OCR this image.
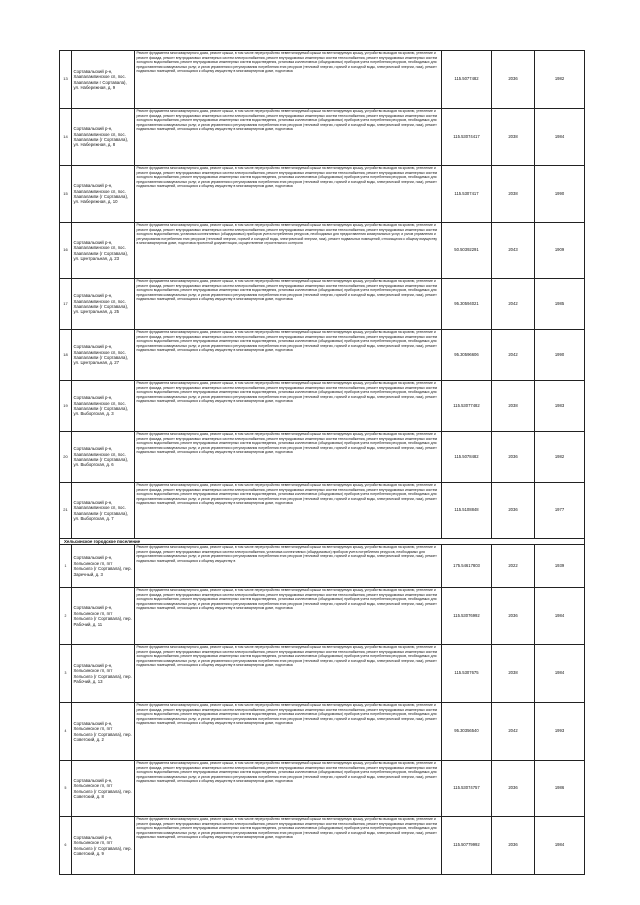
13	Сортавальский р-н, Хаапалампинское сп, пос. Хаапалампи г Сортавала), ул. Набережная, д. 9	Ремонт фундамента многоквартирного дома, ремонт крыши, в том числе переустройство невентилируемой крыши на вентилируемую крышу, устройство выходов на кровлю, утепление и ремонт фасада, ремонт внутридомовых инженерных систем электроснабжения, ремонт внутридомовых инженерных систем теплоснабжения, ремонт внутридомовых инженерных систем холодного водоснабжения, ремонт внутридомовых инженерных систем водоотведения, установка коллективных (общедомовых) приборов учета потребления ресурсов, необходимых для предоставления коммунальных услуг, и узлов управления и регулирования потребления этих ресурсов (тепловой энергии, горячей и холодной воды, электрической энергии, газа), ремонт подвальных помещений, относящихся к общему имуществу в многоквартирном доме, подготовка	115.5077482	2036	1982
14	Сортавальский р-н, Хаапалампинское сп, пос. Хаапалампи (г Сортавала), ул. Набережная, д. 8	Ремонт фундамента многоквартирного дома, ремонт крыши, в том числе переустройство невентилируемой крыши на вентилируемую крышу, устройство выходов на кровлю, утепление и ремонт фасада, ремонт внутридомовых инженерных систем электроснабжения, ремонт внутридомовых инженерных систем теплоснабжения, ремонт внутридомовых инженерных систем холодного водоснабжения, ремонт внутридомовых инженерных систем водоотведения, установка коллективных (общедомовых) приборов учета потребления ресурсов, необходимых для предоставления коммунальных услуг, и узлов управления и регулирования потребления этих ресурсов (тепловой энергии, горячей и холодной воды, электрической энергии, газа), ремонт подвальных помещений, относящихся к общему имуществу в многоквартирном доме, подготовка	115.53074417	2038	1984
15	Сортавальский р-н, Хаапалампинское сп, пос. Хаапалампи (г Сортавала), ул. Набережная, д. 10	Ремонт фундамента многоквартирного дома, ремонт крыши, в том числе переустройство невентилируемой крыши на вентилируемую крышу, устройство выходов на кровлю, утепление и ремонт фасада, ремонт внутридомовых инженерных систем электроснабжения, ремонт внутридомовых инженерных систем теплоснабжения, ремонт внутридомовых инженерных систем холодного водоснабжения, ремонт внутридомовых инженерных систем водоотведения, установка коллективных (общедомовых) приборов учета потребления ресурсов, необходимых для предоставления коммунальных услуг, и узлов управления и регулирования потребления этих ресурсов (тепловой энергии, горячей и холодной воды, электрической энергии, газа), ремонт подвальных помещений, относящихся к общему имуществу в многоквартирном доме, подготовка	115.5307417	2038	1990
16	Сортавальский р-н, Хаапалампинское сп, пос. Хаапалампи (г Сортавала), ул. Центральная, д. 23	Ремонт фундамента многоквартирного дома, ремонт крыши, в том числе переустройство невентилируемой крыши на вентилируемую крышу, устройство выходов на кровлю, утепление и ремонт фасада, ремонт внутридомовых инженерных систем электроснабжения, ремонт внутридомовых инженерных систем теплоснабжения, ремонт внутридомовых инженерных систем холодного водоснабжения, установка коллективных (общедомовых) приборов учета потребления ресурсов, необходимых для предоставления коммунальных услуг, и узлов управления и регулирования потребления этих ресурсов (тепловой энергии, горячей и холодной воды, электрической энергии, газа), ремонт подвальных помещений, относящихся к общему имуществу в многоквартирном доме, подготовка проектной документации, осуществление строительного контроля	50.50392291	2043	1909
17	Сортавальский р-н, Хаапалампинское сп, пос. Хаапалампи (г Сортавала), ул. Центральная, д. 25	Ремонт фундамента многоквартирного дома, ремонт крыши, в том числе переустройство невентилируемой крыши на вентилируемую крышу, устройство выходов на кровлю, утепление и ремонт фасада, ремонт внутридомовых инженерных систем электроснабжения, ремонт внутридомовых инженерных систем теплоснабжения, ремонт внутридомовых инженерных систем холодного водоснабжения, ремонт внутридомовых инженерных систем водоотведения, установка коллективных (общедомовых) приборов учета потребления ресурсов, необходимых для предоставления коммунальных услуг, и узлов управления и регулирования потребления этих ресурсов (тепловой энергии, горячей и холодной воды, электрической энергии, газа), ремонт подвальных помещений, относящихся к общему имуществу в многоквартирном доме, подготовка	95.30594021	2042	1985
18	Сортавальский р-н, Хаапалампинское сп, пос. Хаапалампи (г Сортавала), ул. Центральная, д. 27	Ремонт фундамента многоквартирного дома, ремонт крыши, в том числе переустройство невентилируемой крыши на вентилируемую крышу, устройство выходов на кровлю, утепление и ремонт фасада, ремонт внутридомовых инженерных систем электроснабжения, ремонт внутридомовых инженерных систем теплоснабжения, ремонт внутридомовых инженерных систем холодного водоснабжения, ремонт внутридомовых инженерных систем водоотведения, установка коллективных (общедомовых) приборов учета потребления ресурсов, необходимых для предоставления коммунальных услуг, и узлов управления и регулирования потребления этих ресурсов (тепловой энергии, горячей и холодной воды, электрической энергии, газа), ремонт подвальных помещений, относящихся к общему имуществу в многоквартирном доме, подготовка	95.30596606	2042	1990
19	Сортавальский р-н, Хаапалампинское сп, пос. Хаапалампи (г Сортавала), ул. Выборгская, д. 3	Ремонт фундамента многоквартирного дома, ремонт крыши, в том числе переустройство невентилируемой крыши на вентилируемую крышу, устройство выходов на кровлю, утепление и ремонт фасада, ремонт внутридомовых инженерных систем электроснабжения, ремонт внутридомовых инженерных систем теплоснабжения, ремонт внутридомовых инженерных систем холодного водоснабжения, ремонт внутридомовых инженерных систем водоотведения, установка коллективных (общедомовых) приборов учета потребления ресурсов, необходимых для предоставления коммунальных услуг, и узлов управления и регулирования потребления этих ресурсов (тепловой энергии, горячей и холодной воды, электрической энергии, газа), ремонт подвальных помещений, относящихся к общему имуществу в многоквартирном доме, подготовка	115.53077482	2038	1983
20	Сортавальский р-н, Хаапалампинское сп, пос. Хаапалампи (г Сортавала), ул. Выборгская, д. 6	Ремонт фундамента многоквартирного дома, ремонт крыши, в том числе переустройство невентилируемой крыши на вентилируемую крышу, устройство выходов на кровлю, утепление и ремонт фасада, ремонт внутридомовых инженерных систем электроснабжения, ремонт внутридомовых инженерных систем теплоснабжения, ремонт внутридомовых инженерных систем холодного водоснабжения, ремонт внутридомовых инженерных систем водоотведения, установка коллективных (общедомовых) приборов учета потребления ресурсов, необходимых для предоставления коммунальных услуг, и узлов управления и регулирования потребления этих ресурсов (тепловой энергии, горячей и холодной воды, электрической энергии, газа), ремонт подвальных помещений, относящихся к общему имуществу в многоквартирном доме, подготовка	115.5078482	2036	1982
21	Сортавальский р-н, Хаапалампинское сп, пос. Хаапалампи (г Сортавала), ул. Выборгская, д. 7	Ремонт фундамента многоквартирного дома, ремонт крыши, в том числе переустройство невентилируемой крыши на вентилируемую крышу, устройство выходов на кровлю, утепление и ремонт фасада, ремонт внутридомовых инженерных систем электроснабжения, ремонт внутридомовых инженерных систем теплоснабжения, ремонт внутридомовых инженерных систем холодного водоснабжения, ремонт внутридомовых инженерных систем водоотведения, установка коллективных (общедомовых) приборов учета потребления ресурсов, необходимых для предоставления коммунальных услуг, и узлов управления и регулирования потребления этих ресурсов (тепловой энергии, горячей и холодной воды, электрической энергии, газа), ремонт подвальных помещений, относящихся к общему имуществу в многоквартирном доме, подготовка	115.5108848	2036	1977
Хельсинское городское поселение					
1	Сортавальский р-н, Хельсинское гп, пгт Хельсилэ (г Сортавала), пер. Заречный, д. 3	Ремонт фундамента многоквартирного дома, ремонт крыши, в том числе переустройство невентилируемой крыши на вентилируемую крышу, устройство выходов на кровлю, утепление и ремонт фасада, ремонт внутридомовых инженерных систем электроснабжения, установка коллективных (общедомовых) приборов учета потребления ресурсов, необходимых для предоставления коммунальных услуг, и узлов управления и регулирования потребления этих ресурсов (тепловой энергии, горячей и холодной воды, электрической энергии, газа), ремонт подвальных помещений, относящихся к общему имуществу в	175.54617803	2022	1939
2	Сортавальский р-н, Хельсинское гп, пгт Хельсилэ (г Сортавала), пер. Рабочий, д. 11	Ремонт фундамента многоквартирного дома, ремонт крыши, в том числе переустройство невентилируемой крыши на вентилируемую крышу, устройство выходов на кровлю, утепление и ремонт фасада, ремонт внутридомовых инженерных систем электроснабжения, ремонт внутридомовых инженерных систем теплоснабжения, ремонт внутридомовых инженерных систем холодного водоснабжения, ремонт внутридомовых инженерных систем водоотведения, установка коллективных (общедомовых) приборов учета потребления ресурсов, необходимых для предоставления коммунальных услуг, и узлов управления и регулирования потребления этих ресурсов (тепловой энергии, горячей и холодной воды, электрической энергии, газа), ремонт подвальных помещений, относящихся к общему имуществу в многоквартирном доме, подготовка	115.53076992	2036	1984
3	Сортавальский р-н, Хельсинское гп, пгт Хельсилэ (г Сортавала), пер. Рабочий, д. 13	Ремонт фундамента многоквартирного дома, ремонт крыши, в том числе переустройство невентилируемой крыши на вентилируемую крышу, устройство выходов на кровлю, утепление и ремонт фасада, ремонт внутридомовых инженерных систем электроснабжения, ремонт внутридомовых инженерных систем теплоснабжения, ремонт внутридомовых инженерных систем холодного водоснабжения, ремонт внутридомовых инженерных систем водоотведения, установка коллективных (общедомовых) приборов учета потребления ресурсов, необходимых для предоставления коммунальных услуг, и узлов управления и регулирования потребления этих ресурсов (тепловой энергии, горячей и холодной воды, электрической энергии, газа), ремонт подвальных помещений, относящихся к общему имуществу в многоквартирном доме, подготовка	115.5307675	2038	1984
4	Сортавальский р-н, Хельсинское гп, пгт Хельсилэ (г Сортавала), пер. Советский, д. 2	Ремонт фундамента многоквартирного дома, ремонт крыши, в том числе переустройство невентилируемой крыши на вентилируемую крышу, устройство выходов на кровлю, утепление и ремонт фасада, ремонт внутридомовых инженерных систем электроснабжения, ремонт внутридомовых инженерных систем теплоснабжения, ремонт внутридомовых инженерных систем холодного водоснабжения, ремонт внутридомовых инженерных систем водоотведения, установка коллективных (общедомовых) приборов учета потребления ресурсов, необходимых для предоставления коммунальных услуг, и узлов управления и регулирования потребления этих ресурсов (тепловой энергии, горячей и холодной воды, электрической энергии, газа), ремонт подвальных помещений, относящихся к общему имуществу в многоквартирном доме, подготовка	95.30356540	2042	1993
5	Сортавальский р-н, Хельсинское гп, пгт Хельсилэ (г Сортавала), пер. Советский, д. 8	Ремонт фундамента многоквартирного дома, ремонт крыши, в том числе переустройство невентилируемой крыши на вентилируемую крышу, устройство выходов на кровлю, утепление и ремонт фасада, ремонт внутридомовых инженерных систем электроснабжения, ремонт внутридомовых инженерных систем теплоснабжения, ремонт внутридомовых инженерных систем холодного водоснабжения, ремонт внутридомовых инженерных систем водоотведения, установка коллективных (общедомовых) приборов учета потребления ресурсов, необходимых для предоставления коммунальных услуг, и узлов управления и регулирования потребления этих ресурсов (тепловой энергии, горячей и холодной воды, электрической энергии, газа), ремонт подвальных помещений, относящихся к общему имуществу в многоквартирном доме, подготовка	115.53074757	2036	1986
6	Сортавальский р-н, Хельсинское гп, пгт Хельсилэ (г Сортавала), пер. Советский, д. 9	Ремонт фундамента многоквартирного дома, ремонт крыши, в том числе переустройство невентилируемой крыши на вентилируемую крышу, устройство выходов на кровлю, утепление и ремонт фасада, ремонт внутридомовых инженерных систем электроснабжения, ремонт внутридомовых инженерных систем теплоснабжения, ремонт внутридомовых инженерных систем холодного водоснабжения, ремонт внутридомовых инженерных систем водоотведения, установка коллективных (общедомовых) приборов учета потребления ресурсов, необходимых для предоставления коммунальных услуг, и узлов управления и регулирования потребления этих ресурсов (тепловой энергии, горячей и холодной воды, электрической энергии, газа), ремонт подвальных помещений, относящихся к общему имуществу в многоквартирном доме, подготовка	115.50779992	2036	1984
